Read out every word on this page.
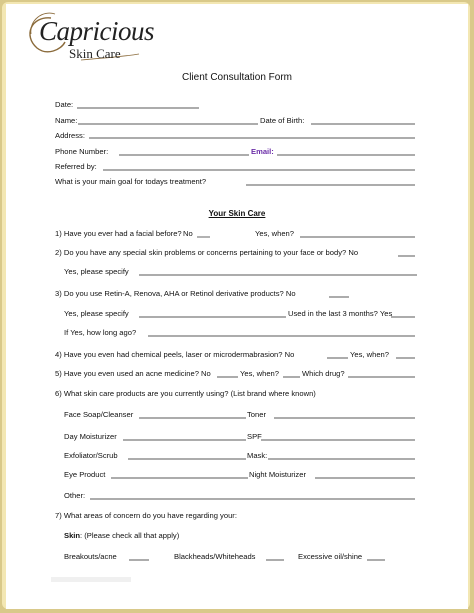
Capricious
Skin Care
Client Consultation Form
Date:
Name:	Date of Birth:
Address:
Phone Number:	Email:
Referred by:
What is your main goal for todays treatment?
Your Skin Care
1) Have you ever had a facial before? No	Yes, when?
2) Do you have any special skin problems or concerns pertaining to your face or body? No
Yes, please specify
3) Do you use Retin-A, Renova, AHA or Retinol derivative products? No
Yes, please specify	Used in the last 3 months? Yes
If Yes, how long ago?
4) Have you even had chemical peels, laser or microdermabrasion? No	Yes, when?
5) Have you even used an acne medicine? No	Yes, when?	Which drug?
6) What skin care products are you currently using? (List brand where known)
Face Soap/Cleanser	Toner
Day Moisturizer	SPF
Exfoliator/Scrub	Mask:
Eye Product	Night Moisturizer
Other:
7) What areas of concern do you have regarding your:
Skin: (Please check all that apply)
Breakouts/acne	Blackheads/Whiteheads	Excessive oil/shine
